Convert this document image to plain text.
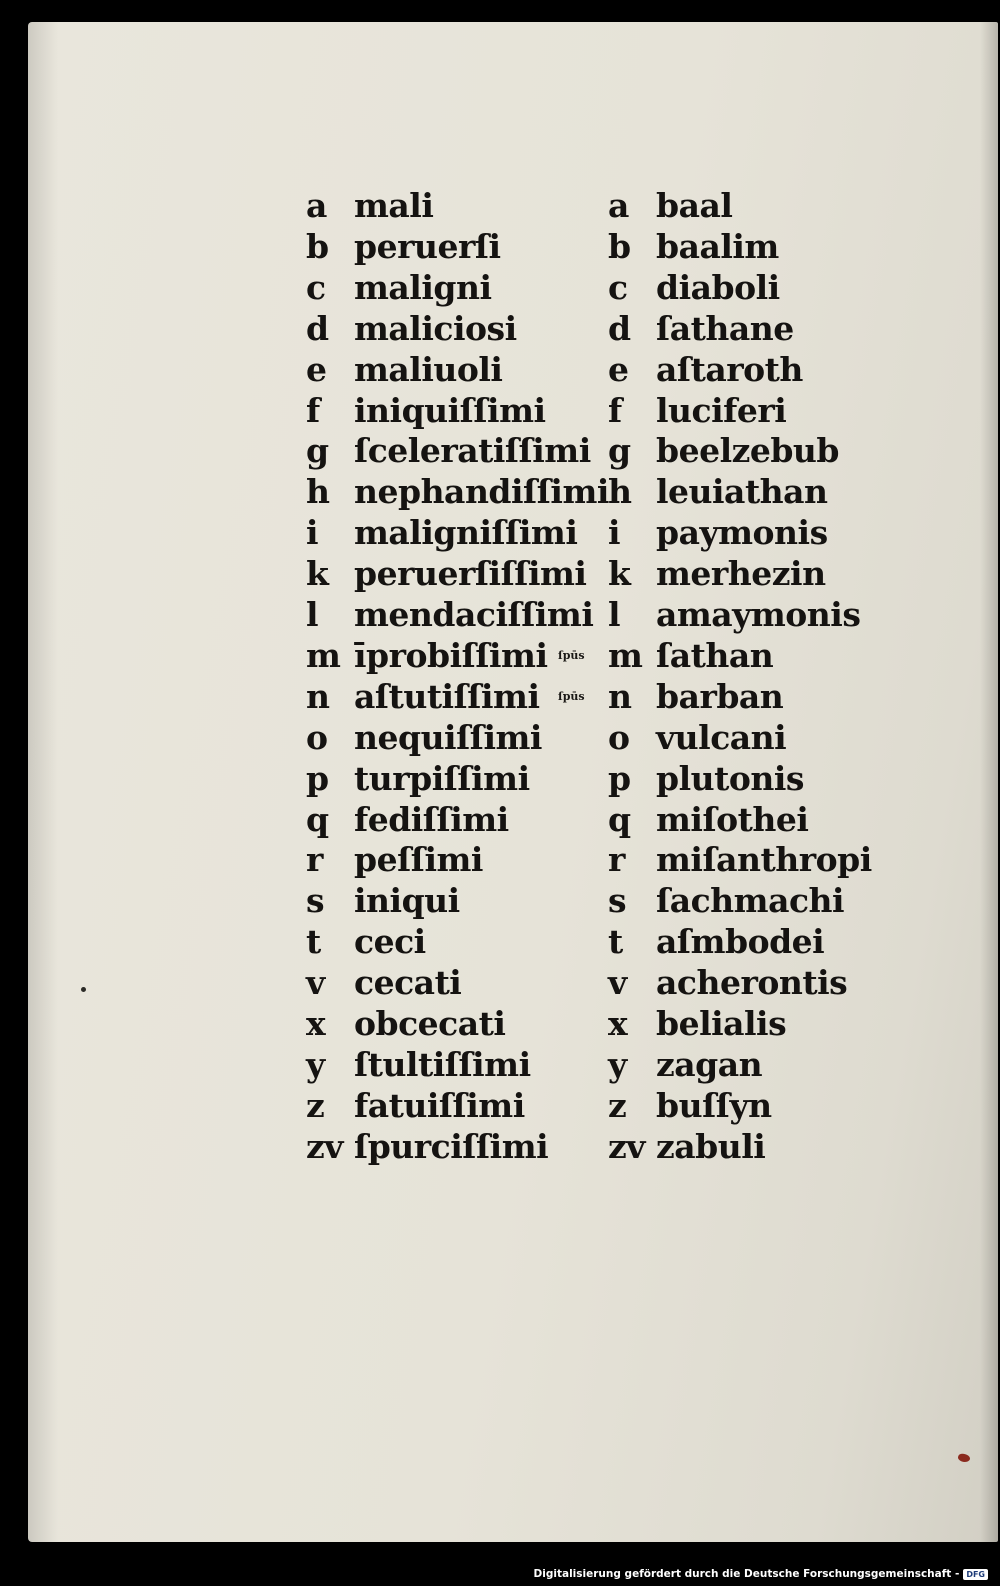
a mali	a baal
b peruerſi	b baalim
c maligni	c diaboli
d maliciosi	d ſathane
e maliuoli	e aſtaroth
f iniquiſſimi f luciferi
g ſceleratiſſimi g beelzebub
h nephandiſſimi h leuiathan
i maligniſſimi i paymonis
k peruerſiſſimi k merhezin
l mendaciſſimi l amaymonis
m īprobiſſimi ſpūs m ſathan
n aſtutiſſimi ſpūs n barban
o nequiſſimi o vulcani
p turpiſſimi p plutonis
q fediſſimi	q miſothei
r peſſimi	r miſanthropi
s iniqui	s ſachmachi
t ceci	t aſmbodei
v cecati	v acherontis
x obcecati	x belialis
y ſtultiſſimi y zagan
z fatuiſſimi	z buſſyn
zv ſpurciſſimi zv zabuli
Digitalisierung gefördert durch die Deutsche Forschungsgemeinschaft - DFG
